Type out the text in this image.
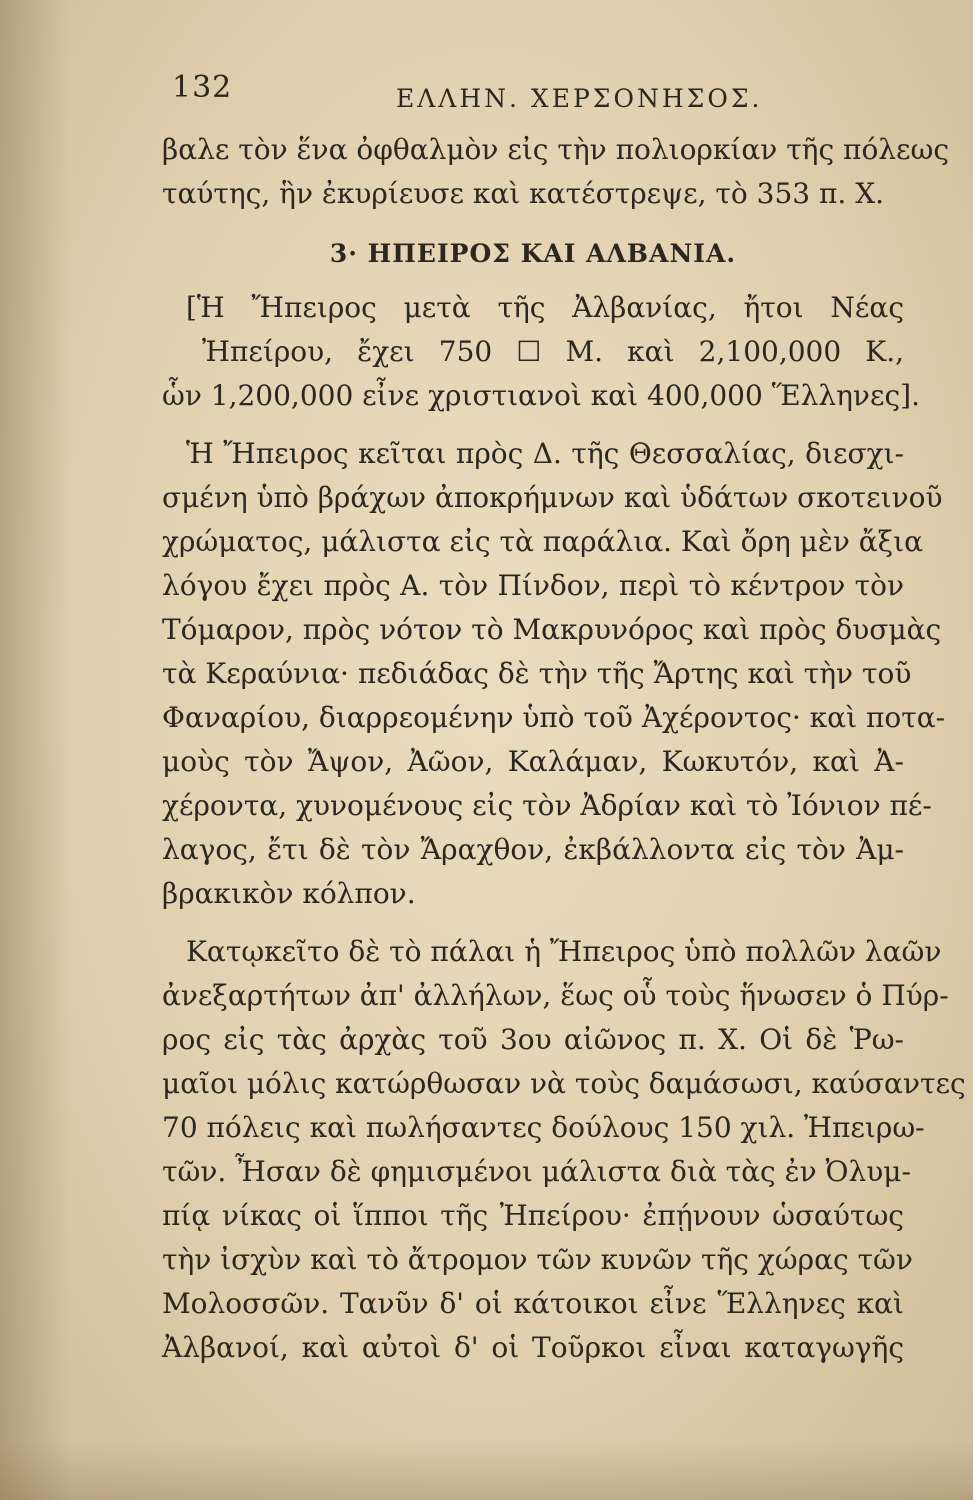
132	ΕΛΛΗΝ. ΧΕΡΣΟΝΗΣΟΣ.
βαλε τὸν ἕνα ὀφθαλμὸν εἰς τὴν πολιορκίαν τῆς πόλεως
ταύτης, ἣν ἐκυρίευσε καὶ κατέστρεψε, τὸ 353 π. Χ.
3· ΗΠΕΙΡΟΣ ΚΑΙ ΑΛΒΑΝΙΑ.
[Ἡ Ἤπειρος μετὰ τῆς Ἀλβανίας, ἤτοι Νέας
Ἠπείρου, ἔχει 750 ☐ Μ. καὶ 2,100,000 Κ.,
ὧν 1,200,000 εἶνε χριστιανοὶ καὶ 400,000 Ἕλληνες].
Ἡ Ἤπειρος κεῖται πρὸς Δ. τῆς Θεσσαλίας, διεσχι-
σμένη ὑπὸ βράχων ἀποκρήμνων καὶ ὑδάτων σκοτεινοῦ
χρώματος, μάλιστα εἰς τὰ παράλια. Καὶ ὄρη μὲν ἄξια
λόγου ἔχει πρὸς Α. τὸν Πίνδον, περὶ τὸ κέντρον τὸν
Τόμαρον, πρὸς νότον τὸ Μακρυνόρος καὶ πρὸς δυσμὰς
τὰ Κεραύνια· πεδιάδας δὲ τὴν τῆς Ἄρτης καὶ τὴν τοῦ
Φαναρίου, διαρρεομένην ὑπὸ τοῦ Ἀχέροντος· καὶ ποτα-
μοὺς τὸν Ἄψον, Ἀῶον, Καλάμαν, Κωκυτόν, καὶ Ἀ-
χέροντα, χυνομένους εἰς τὸν Ἀδρίαν καὶ τὸ Ἰόνιον πέ-
λαγος, ἔτι δὲ τὸν Ἄραχθον, ἐκβάλλοντα εἰς τὸν Ἀμ-
βρακικὸν κόλπον.
Κατῳκεῖτο δὲ τὸ πάλαι ἡ Ἤπειρος ὑπὸ πολλῶν λαῶν
ἀνεξαρτήτων ἀπ' ἀλλήλων, ἕως οὗ τοὺς ἥνωσεν ὁ Πύρ-
ρος εἰς τὰς ἀρχὰς τοῦ 3ου αἰῶνος π. Χ. Οἱ δὲ Ῥω-
μαῖοι μόλις κατώρθωσαν νὰ τοὺς δαμάσωσι, καύσαντες
70 πόλεις καὶ πωλήσαντες δούλους 150 χιλ. Ἠπειρω-
τῶν. Ἦσαν δὲ φημισμένοι μάλιστα διὰ τὰς ἐν Ὀλυμ-
πίᾳ νίκας οἱ ἵπποι τῆς Ἠπείρου· ἐπῄνουν ὡσαύτως
τὴν ἰσχὺν καὶ τὸ ἄτρομον τῶν κυνῶν τῆς χώρας τῶν
Μολοσσῶν. Τανῦν δ' οἱ κάτοικοι εἶνε Ἕλληνες καὶ
Ἀλβανοί, καὶ αὐτοὶ δ' οἱ Τοῦρκοι εἶναι καταγωγῆς
